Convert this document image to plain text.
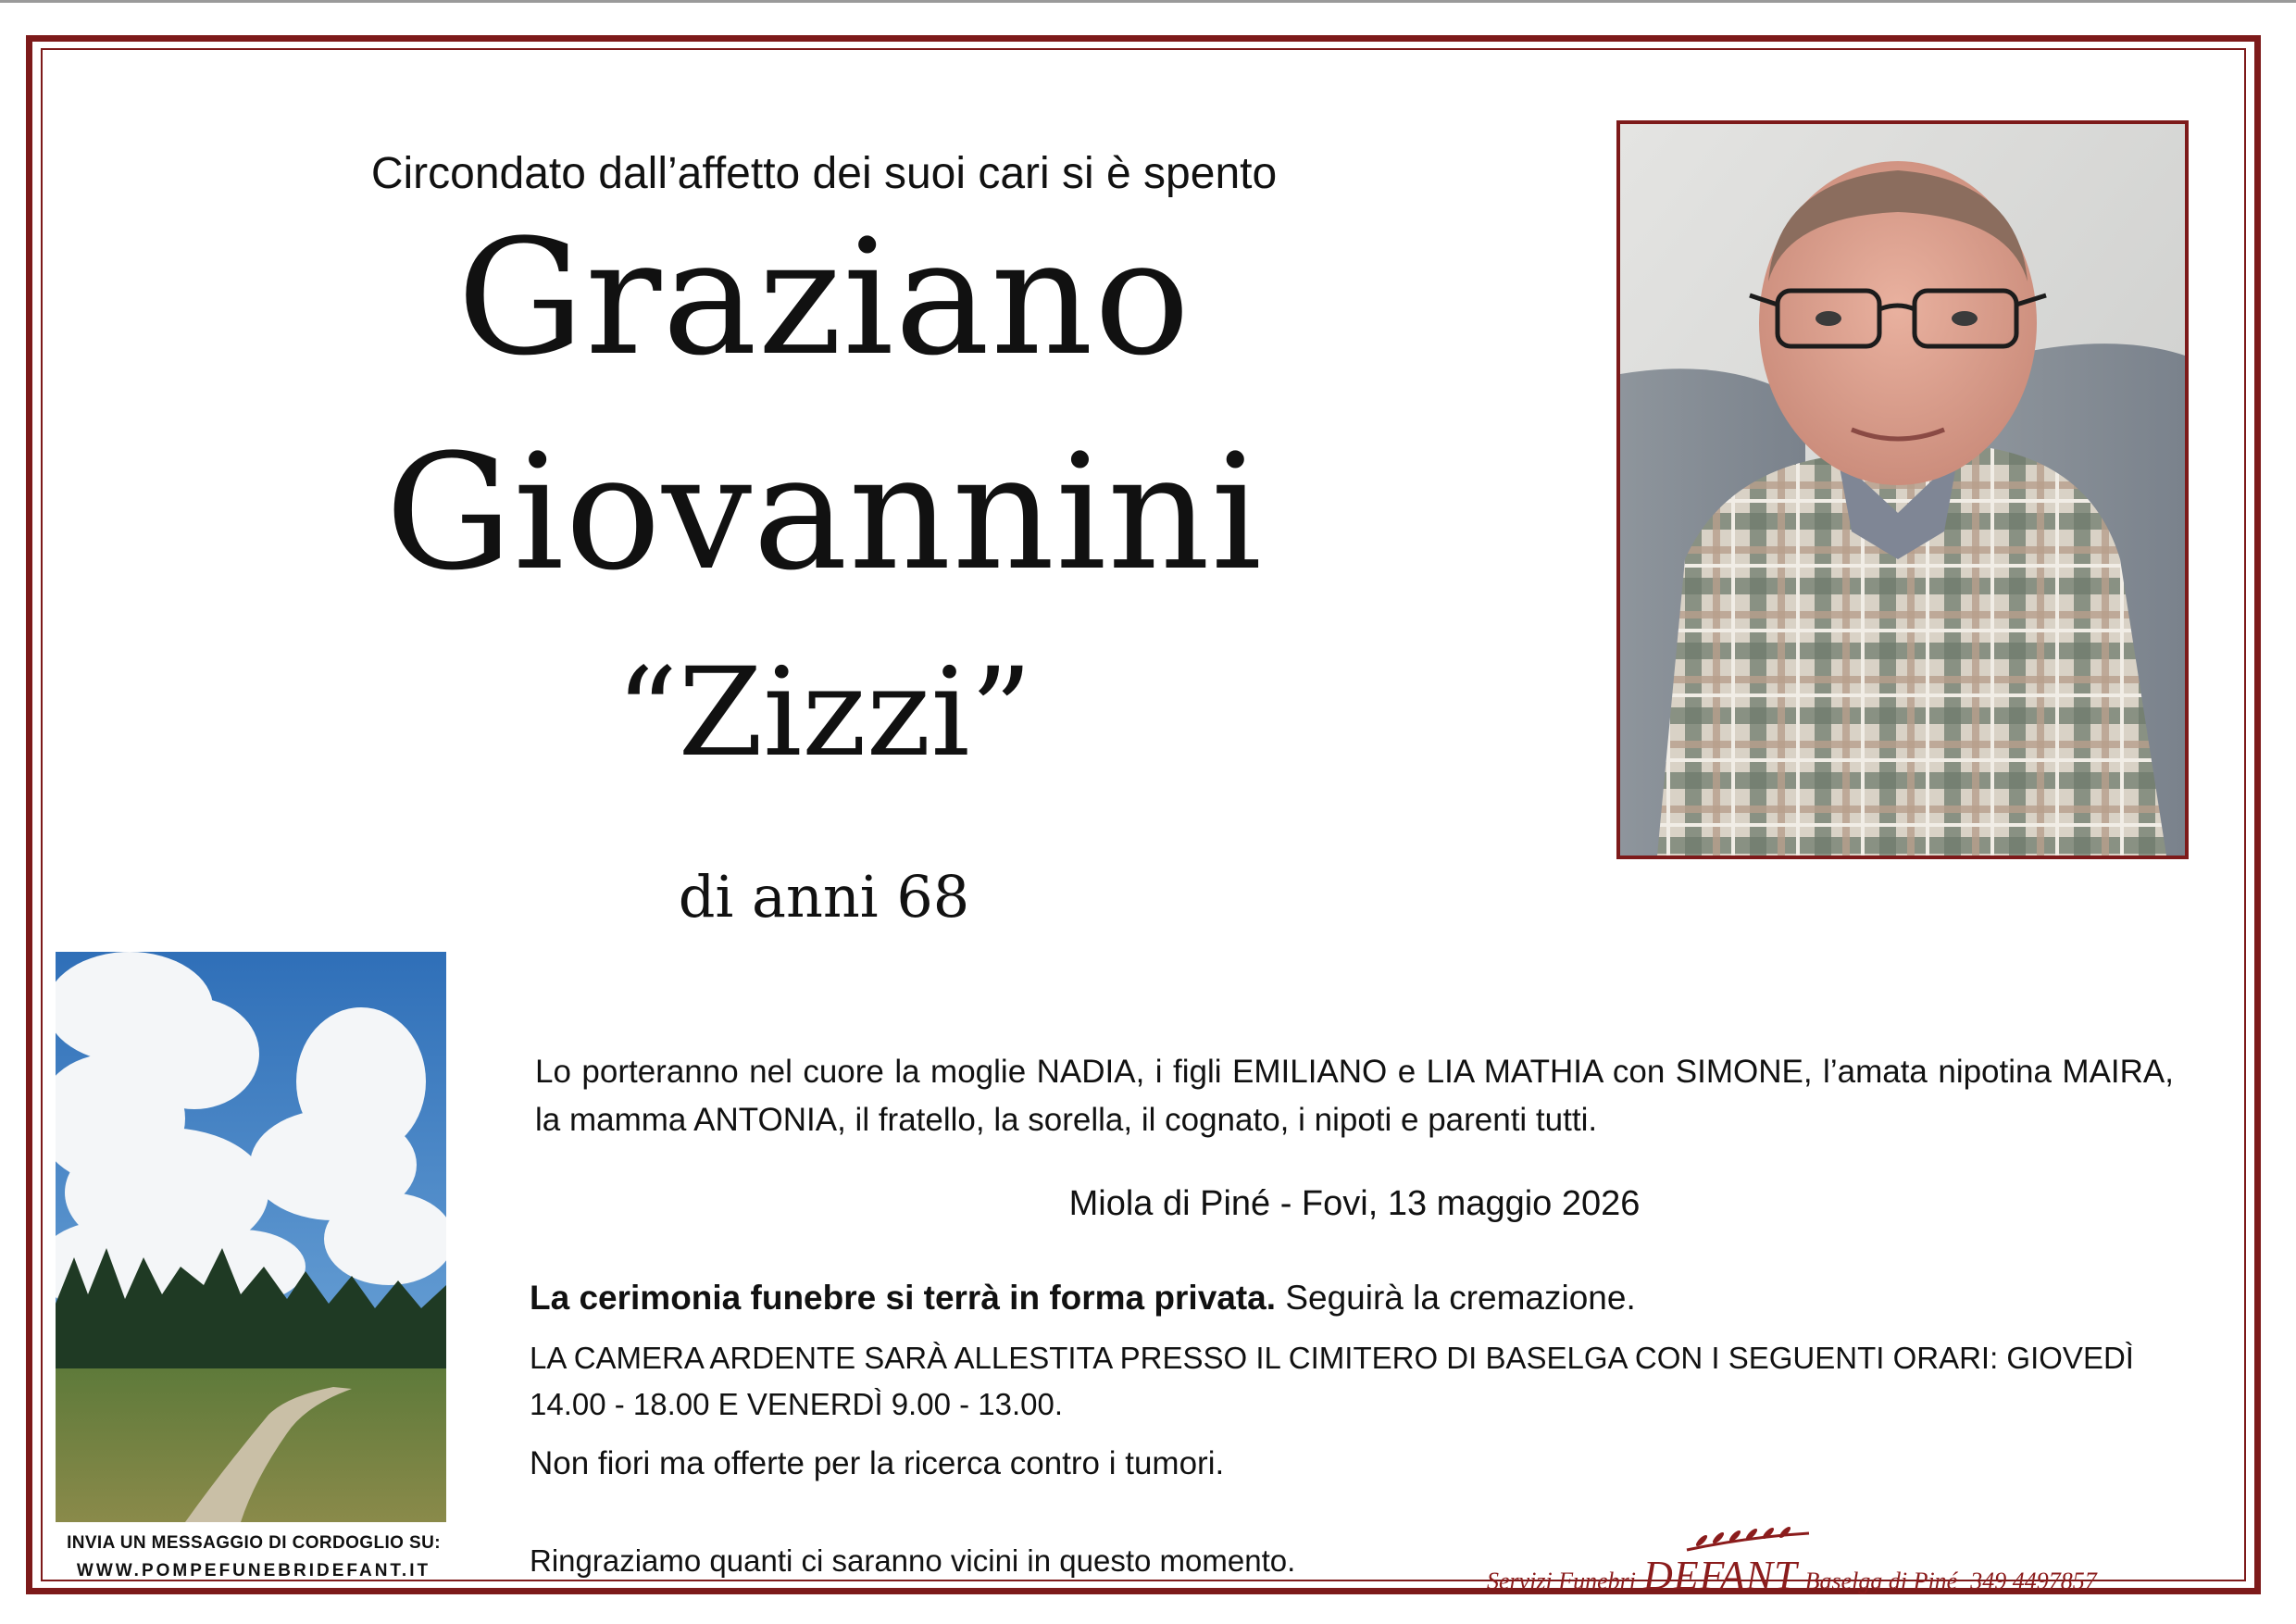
Circondato dall’affetto dei suoi cari si è spento
Graziano
Giovannini
“Zizzi”
di anni 68
INVIA UN MESSAGGIO DI CORDOGLIO SU:
WWW.POMPEFUNEBRIDEFANT.IT
Lo porteranno nel cuore la moglie NADIA, i figli EMILIANO e LIA MATHIA con SIMONE, l’amata nipotina MAIRA, la mamma ANTONIA, il fratello, la sorella, il cognato, i nipoti e parenti tutti.
Miola di Piné - Fovi, 13 maggio 2026
La cerimonia funebre si terrà in forma privata. Seguirà la cremazione.
LA CAMERA ARDENTE SARÀ ALLESTITA PRESSO IL CIMITERO DI BASELGA CON I SEGUENTI ORARI: GIOVEDÌ 14.00 - 18.00 E VENERDÌ 9.00 - 13.00.
Non fiori ma offerte per la ricerca contro i tumori.
Ringraziamo quanti ci saranno vicini in questo momento.
Servizi Funebri DEFANT Baselga di Piné 349 4497857
